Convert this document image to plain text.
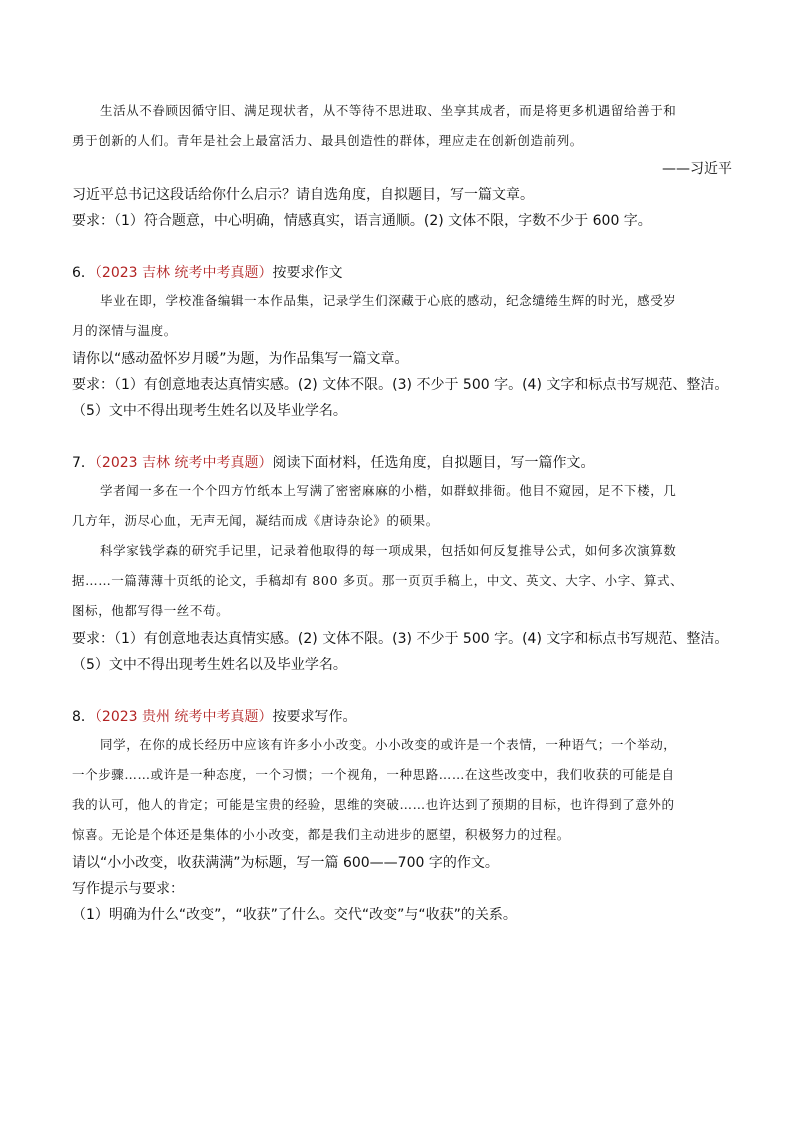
生活从不眷顾因循守旧、满足现状者，从不等待不思进取、坐享其成者，而是将更多机遇留给善于和
勇于创新的人们。青年是社会上最富活力、最具创造性的群体，理应走在创新创造前列。
——习近平
习近平总书记这段话给你什么启示？请自选角度，自拟题目，写一篇文章。
要求：（1）符合题意，中心明确，情感真实，语言通顺。(2) 文体不限，字数不少于 600 字。
6．（2023 吉林 统考中考真题）按要求作文
毕业在即，学校准备编辑一本作品集，记录学生们深藏于心底的感动，纪念缱绻生辉的时光，感受岁
月的深情与温度。
请你以“感动盈怀岁月暖”为题，为作品集写一篇文章。
要求：（1）有创意地表达真情实感。(2) 文体不限。(3) 不少于 500 字。(4) 文字和标点书写规范、整洁。
（5）文中不得出现考生姓名以及毕业学名。
7．（2023 吉林 统考中考真题）阅读下面材料，任选角度，自拟题目，写一篇作文。
学者闻一多在一个个四方竹纸本上写满了密密麻麻的小楷，如群蚁排衙。他目不窥园，足不下楼，几
几方年，沥尽心血，无声无闻，凝结而成《唐诗杂论》的硕果。
科学家钱学森的研究手记里，记录着他取得的每一项成果，包括如何反复推导公式，如何多次演算数
据……一篇薄薄十页纸的论文，手稿却有 800 多页。那一页页手稿上，中文、英文、大字、小字、算式、
图标，他都写得一丝不苟。
要求：（1）有创意地表达真情实感。(2) 文体不限。(3) 不少于 500 字。(4) 文字和标点书写规范、整洁。
（5）文中不得出现考生姓名以及毕业学名。
8．（2023 贵州 统考中考真题）按要求写作。
同学，在你的成长经历中应该有许多小小改变。小小改变的或许是一个表情，一种语气；一个举动，
一个步骤……或许是一种态度，一个习惯；一个视角，一种思路……在这些改变中，我们收获的可能是自
我的认可，他人的肯定；可能是宝贵的经验，思维的突破……也许达到了预期的目标，也许得到了意外的
惊喜。无论是个体还是集体的小小改变，都是我们主动进步的愿望，积极努力的过程。
请以“小小改变，收获满满”为标题，写一篇 600——700 字的作文。
写作提示与要求：
（1）明确为什么“改变”，“收获”了什么。交代“改变”与“收获”的关系。
